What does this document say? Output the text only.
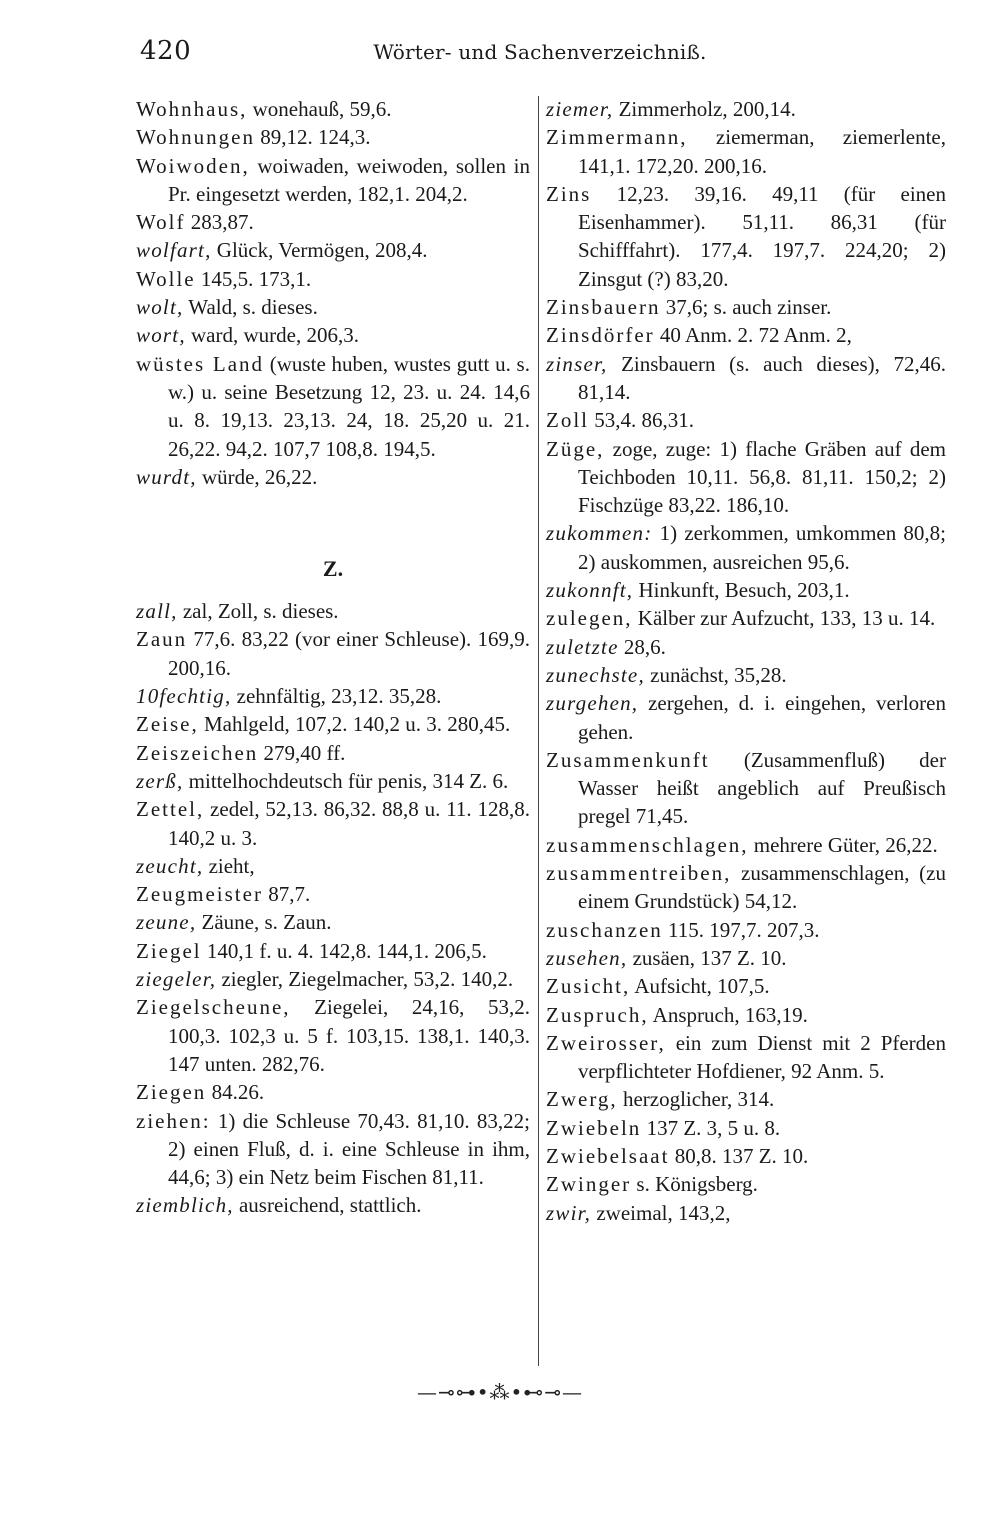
420	Wörter- und Sachenverzeichniß.

Wohnhaus, wonehauß, 59,6.

Wohnungen 89,12. 124,3.

Woiwoden, woiwaden, weiwoden, sollen in Pr. eingesetzt werden, 182,1. 204,2.

Wolf 283,87.

wolfart, Glück, Vermögen, 208,4.

Wolle 145,5. 173,1.

wolt, Wald, s. dieses.

wort, ward, wurde, 206,3.

wüstes Land (wuste huben, wustes gutt u. s. w.) u. seine Besetzung 12, 23. u. 24. 14,6 u. 8. 19,13. 23,13. 24, 18. 25,20 u. 21. 26,22. 94,2. 107,7 108,8. 194,5.

wurdt, würde, 26,22.

Z.

zall, zal, Zoll, s. dieses.

Zaun 77,6. 83,22 (vor einer Schleuse). 169,9. 200,16.

10fechtig, zehnfältig, 23,12. 35,28.

Zeise, Mahlgeld, 107,2. 140,2 u. 3. 280,45.

Zeiszeichen 279,40 ff.

zerß, mittelhochdeutsch für penis, 314 Z. 6.

Zettel, zedel, 52,13. 86,32. 88,8 u. 11. 128,8. 140,2 u. 3.

zeucht, zieht,

Zeugmeister 87,7.

zeune, Zäune, s. Zaun.

Ziegel 140,1 f. u. 4. 142,8. 144,1. 206,5.

ziegeler, ziegler, Ziegelmacher, 53,2. 140,2.

Ziegelscheune, Ziegelei, 24,16, 53,2. 100,3. 102,3 u. 5 f. 103,15. 138,1. 140,3. 147 unten. 282,76.

Ziegen 84.26.

ziehen: 1) die Schleuse 70,43. 81,10. 83,22; 2) einen Fluß, d. i. eine Schleuse in ihm, 44,6; 3) ein Netz beim Fischen 81,11.

ziemblich, ausreichend, stattlich.

ziemer, Zimmerholz, 200,14.

Zimmermann, ziemerman, ziemerlente, 141,1. 172,20. 200,16.

Zins 12,23. 39,16. 49,11 (für einen Eisenhammer). 51,11. 86,31 (für Schifffahrt). 177,4. 197,7. 224,20; 2) Zinsgut (?) 83,20.

Zinsbauern 37,6; s. auch zinser.

Zinsdörfer 40 Anm. 2. 72 Anm. 2,

zinser, Zinsbauern (s. auch dieses), 72,46. 81,14.

Zoll 53,4. 86,31.

Züge, zoge, zuge: 1) flache Gräben auf dem Teichboden 10,11. 56,8. 81,11. 150,2; 2) Fischzüge 83,22. 186,10.

zukommen: 1) zerkommen, umkommen 80,8; 2) auskommen, ausreichen 95,6.

zukonnft, Hinkunft, Besuch, 203,1.

zulegen, Kälber zur Aufzucht, 133, 13 u. 14.

zuletzte 28,6.

zunechste, zunächst, 35,28.

zurgehen, zergehen, d. i. eingehen, verloren gehen.

Zusammenkunft (Zusammenfluß) der Wasser heißt angeblich auf Preußisch pregel 71,45.

zusammenschlagen, mehrere Güter, 26,22.

zusammentreiben, zusammenschlagen, (zu einem Grundstück) 54,12.

zuschanzen 115. 197,7. 207,3.

zusehen, zusäen, 137 Z. 10.

Zusicht, Aufsicht, 107,5.

Zuspruch, Anspruch, 163,19.

Zweirosser, ein zum Dienst mit 2 Pferden verpflichteter Hofdiener, 92 Anm. 5.

Zwerg, herzoglicher, 314.

Zwiebeln 137 Z. 3, 5 u. 8.

Zwiebelsaat 80,8. 137 Z. 10.

Zwinger s. Königsberg.

zwir, zweimal, 143,2,

—⊸⊶•⁂•⊷⊸—
